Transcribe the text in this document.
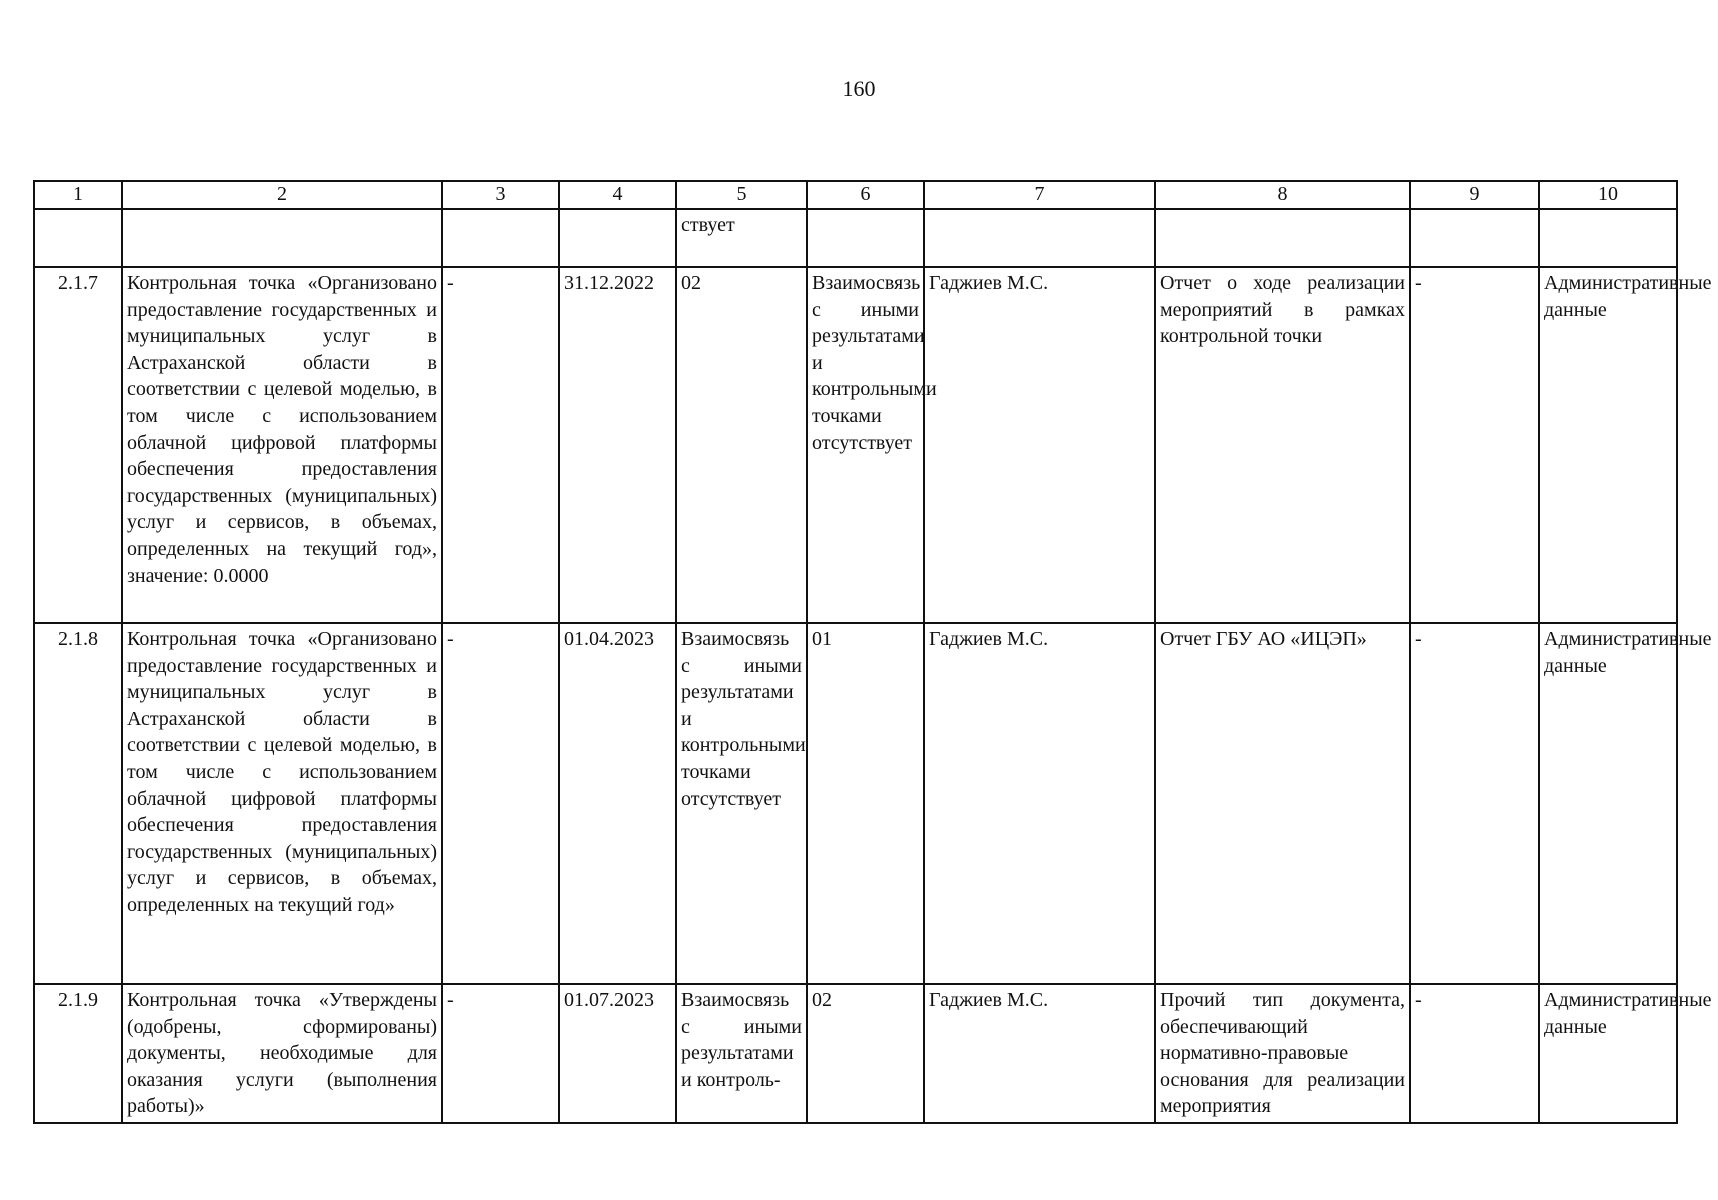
160
1	2	3	4	5	6	7	8	9	10
				ствует					
2.1.7	Контрольная точка «Организовано предоставление государственных и муниципальных услуг в Астраханской области в соответствии с целевой моделью, в том числе с использованием облачной цифровой платформы обеспечения предоставления государственных (муниципальных) услуг и сервисов, в объемах, определенных на текущий год», значение: 0.0000	-	31.12.2022	02	Взаимосвязь с иными результатами и контрольными точками отсутствует	Гаджиев М.С.	Отчет о ходе реализации мероприятий в рамках контрольной точки	-	Административные данные
2.1.8	Контрольная точка «Организовано предоставление государственных и муниципальных услуг в Астраханской области в соответствии с целевой моделью, в том числе с использованием облачной цифровой платформы обеспечения предоставления государственных (муниципальных) услуг и сервисов, в объемах, определенных на текущий год»	-	01.04.2023	Взаимосвязь с иными результатами и контрольными точками отсутствует	01	Гаджиев М.С.	Отчет ГБУ АО «ИЦЭП»	-	Административные данные
2.1.9	Контрольная точка «Утверждены (одобрены, сформированы) документы, необходимые для оказания услуги (выполнения работы)»	-	01.07.2023	Взаимосвязь с иными результатами и контроль-	02	Гаджиев М.С.	Прочий тип документа, обеспечивающий нормативно-правовые основания для реализации мероприятия	-	Административные данные
